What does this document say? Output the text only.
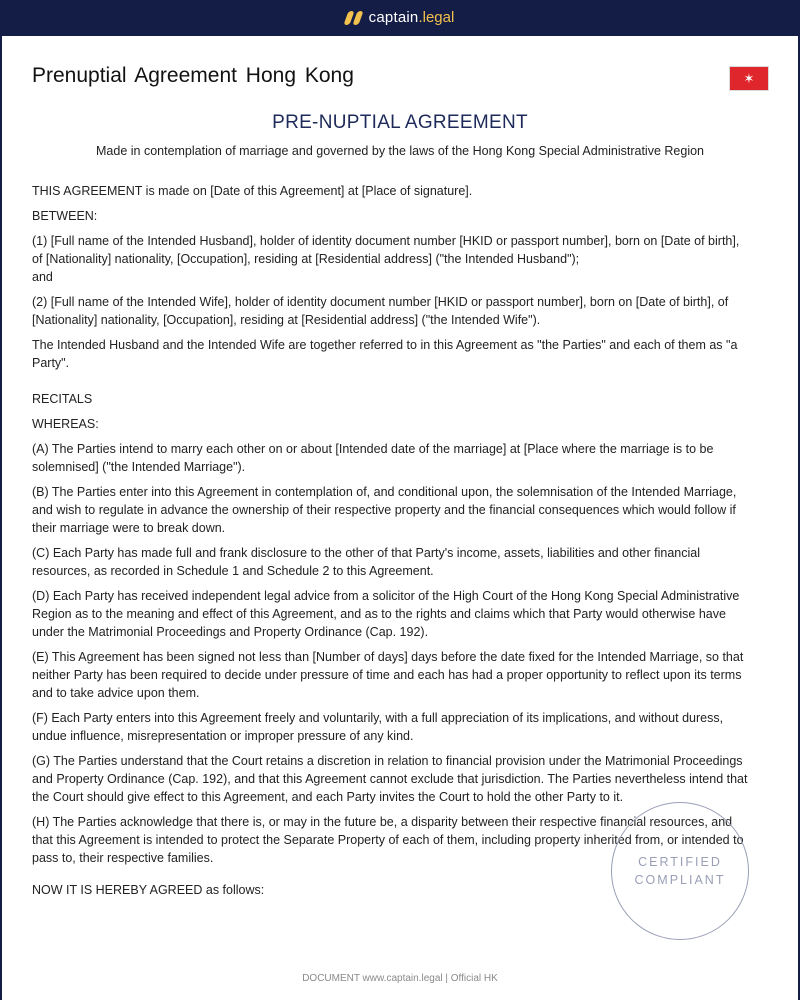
captain.legal
Prenuptial Agreement Hong Kong	✶
PRE-NUPTIAL AGREEMENT
Made in contemplation of marriage and governed by the laws of the Hong Kong Special Administrative Region

THIS AGREEMENT is made on [Date of this Agreement] at [Place of signature].

BETWEEN:

(1) [Full name of the Intended Husband], holder of identity document number [HKID or passport number], born on [Date of birth], of [Nationality] nationality, [Occupation], residing at [Residential address] ("the Intended Husband");

and

(2) [Full name of the Intended Wife], holder of identity document number [HKID or passport number], born on [Date of birth], of [Nationality] nationality, [Occupation], residing at [Residential address] ("the Intended Wife").

The Intended Husband and the Intended Wife are together referred to in this Agreement as "the Parties" and each of them as "a Party".

RECITALS

WHEREAS:

(A) The Parties intend to marry each other on or about [Intended date of the marriage] at [Place where the marriage is to be solemnised] ("the Intended Marriage").

(B) The Parties enter into this Agreement in contemplation of, and conditional upon, the solemnisation of the Intended Marriage, and wish to regulate in advance the ownership of their respective property and the financial consequences which would follow if their marriage were to break down.

(C) Each Party has made full and frank disclosure to the other of that Party's income, assets, liabilities and other financial resources, as recorded in Schedule 1 and Schedule 2 to this Agreement.

(D) Each Party has received independent legal advice from a solicitor of the High Court of the Hong Kong Special Administrative Region as to the meaning and effect of this Agreement, and as to the rights and claims which that Party would otherwise have under the Matrimonial Proceedings and Property Ordinance (Cap. 192).

(E) This Agreement has been signed not less than [Number of days] days before the date fixed for the Intended Marriage, so that neither Party has been required to decide under pressure of time and each has had a proper opportunity to reflect upon its terms and to take advice upon them.

(F) Each Party enters into this Agreement freely and voluntarily, with a full appreciation of its implications, and without duress, undue influence, misrepresentation or improper pressure of any kind.

(G) The Parties understand that the Court retains a discretion in relation to financial provision under the Matrimonial Proceedings and Property Ordinance (Cap. 192), and that this Agreement cannot exclude that jurisdiction. The Parties nevertheless intend that the Court should give effect to this Agreement, and each Party invites the Court to hold the other Party to it.

(H) The Parties acknowledge that there is, or may in the future be, a disparity between their respective financial resources, and that this Agreement is intended to protect the Separate Property of each of them, including property inherited from, or intended to pass to, their respective families.

NOW IT IS HEREBY AGREED as follows:

CERTIFIED
COMPLIANT
DOCUMENT www.captain.legal | Official HK
